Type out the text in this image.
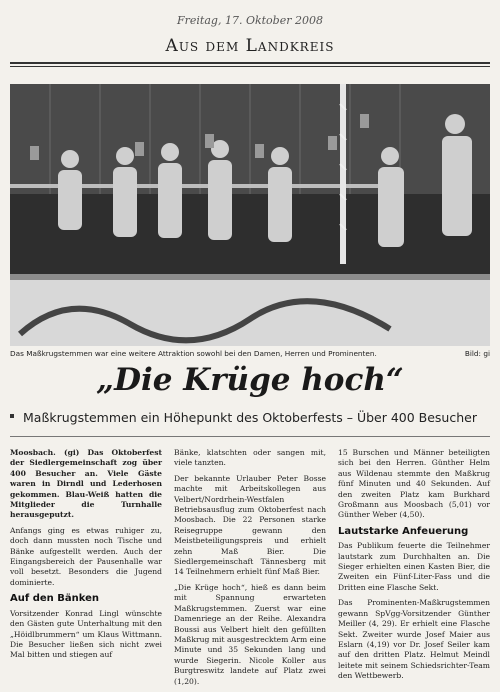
Freitag, 17. Oktober 2008
Aus dem Landkreis
Das Maßkrugstemmen war eine weitere Attraktion sowohl bei den Damen, Herren und Prominenten.	Bild: gi
„Die Krüge hoch“
Maßkrugstemmen ein Höhepunkt des Oktoberfests – Über 400 Besucher

Moosbach. (gi) Das Oktoberfest der Siedlergemeinschaft zog über 400 Besucher an. Viele Gäste waren in Dirndl und Lederhosen gekommen. Blau-Weiß hatten die Mitglieder die Turnhalle herausgeputzt.

Anfangs ging es etwas ruhiger zu, doch dann mussten noch Tische und Bänke aufgestellt werden. Auch der Eingangsbereich der Pausenhalle war voll besetzt. Besonders die Jugend dominierte.

Auf den Bänken

Vorsitzender Konrad Lingl wünschte den Gästen gute Unterhaltung mit den „Höidlbrummern“ um Klaus Wittmann. Die Besucher ließen sich nicht zwei Mal bitten und stiegen auf

Bänke, klatschten oder sangen mit, viele tanzten.

Der bekannte Urlauber Peter Bosse machte mit Arbeitskollegen aus Velbert/Nordrhein-Westfalen Betriebsausflug zum Oktoberfest nach Moosbach. Die 22 Personen starke Reisegruppe gewann den Meistbeteiligungspreis und erhielt zehn Maß Bier. Die Siedlergemeinschaft Tännesberg mit 14 Teilnehmern erhielt fünf Maß Bier.

„Die Krüge hoch“, hieß es dann beim mit Spannung erwarteten Maßkrugstemmen. Zuerst war eine Damenriege an der Reihe. Alexandra Boussi aus Velbert hielt den gefüllten Maßkrug mit ausgestrecktem Arm eine Minute und 35 Sekunden lang und wurde Siegerin. Nicole Koller aus Burgtreswitz landete auf Platz zwei (1,20).

15 Burschen und Männer beteiligten sich bei den Herren. Günther Helm aus Wildenau stemmte den Maßkrug fünf Minuten und 40 Sekunden. Auf den zweiten Platz kam Burkhard Großmann aus Moosbach (5,01) vor Günther Weber (4,50).

Lautstarke Anfeuerung

Das Publikum feuerte die Teilnehmer lautstark zum Durchhalten an. Die Sieger erhielten einen Kasten Bier, die Zweiten ein Fünf-Liter-Fass und die Dritten eine Flasche Sekt.

Das Prominenten-Maßkrugstemmen gewann SpVgg-Vorsitzender Günther Meiller (4, 29). Er erhielt eine Flasche Sekt. Zweiter wurde Josef Maier aus Eslarn (4,19) vor Dr. Josef Seiler kam auf den dritten Platz. Helmut Meindl leitete mit seinem Schiedsrichter-Team den Wettbewerb.
